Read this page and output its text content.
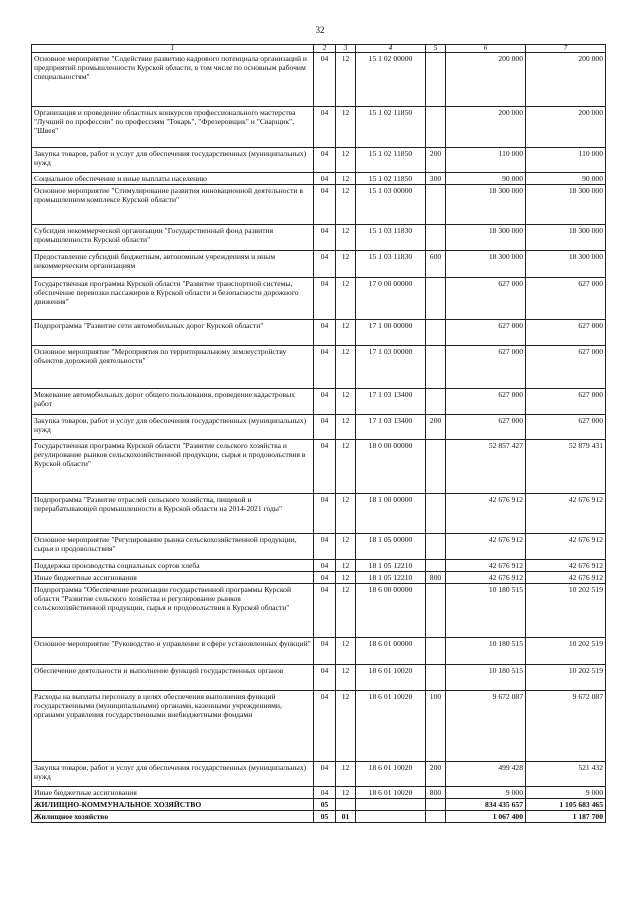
32
1	2	3	4	5	6	7
Основное мероприятие "Содействие развитию кадрового потенциала организаций и предприятий промышленности Курской области, в том числе по основным рабочим специальностям"	04	12	15 1 02 00000		200 000	200 000
Организация и проведение областных конкурсов профессионального мастерства "Лучший по профессии" по профессиям "Токарь", "Фрезеровщик" и "Сварщик", "Швея"	04	12	15 1 02 11850		200 000	200 000
Закупка товаров, работ и услуг для обеспечения государственных (муниципальных) нужд	04	12	15 1 02 11850	200	110 000	110 000
Социальное обеспечение и иные выплаты населению	04	12	15 1 02 11850	300	90 000	90 000
Основное мероприятие "Стимулирование развития инновационной деятельности в промышленном комплексе Курской области"	04	12	15 1 03 00000		18 300 000	18 300 000
Субсидия некоммерческой организации "Государственный фонд развития промышленности Курской области"	04	12	15 1 03 11830		18 300 000	18 300 000
Предоставление субсидий бюджетным, автономным учреждениям и иным некоммерческим организациям	04	12	15 1 03 11830	600	18 300 000	18 300 000
Государственная программа Курской области "Развитие транспортной системы, обеспечение перевозки пассажиров в Курской области и безопасности дорожного движения"	04	12	17 0 00 00000		627 000	627 000
Подпрограмма "Развитие сети автомобильных дорог Курской области"	04	12	17 1 00 00000		627 000	627 000
Основное мероприятие "Мероприятия по территориальному землеустройству объектов дорожной деятельности"	04	12	17 1 03 00000		627 000	627 000
Межевание автомобильных дорог общего пользования, проведение кадастровых работ	04	12	17 1 03 13400		627 000	627 000
Закупка товаров, работ и услуг для обеспечения государственных (муниципальных) нужд	04	12	17 1 03 13400	200	627 000	627 000
Государственная программа Курской области "Развитие сельского хозяйства и регулирование рынков сельскохозяйственной продукции, сырья и продовольствия в Курской области"	04	12	18 0 00 00000		52 857 427	52 879 431
Подпрограмма "Развитие отраслей сельского хозяйства, пищевой и перерабатывающей промышленности в Курской области на 2014-2021 годы"	04	12	18 1 00 00000		42 676 912	42 676 912
Основное мероприятие "Регулирование рынка сельскохозяйственной продукции, сырья и продовольствия"	04	12	18 1 05 00000		42 676 912	42 676 912
Поддержка производства социальных сортов хлеба	04	12	18 1 05 12210		42 676 912	42 676 912
Иные бюджетные ассигнования	04	12	18 1 05 12210	800	42 676 912	42 676 912
Подпрограмма "Обеспечение реализации государственной программы Курской области "Развитие сельского хозяйства и регулирование рынков сельскохозяйственной продукции, сырья и продовольствия в Курской области"	04	12	18 6 00 00000		10 180 515	10 202 519
Основное мероприятие "Руководство и управление в сфере установленных функций"	04	12	18 6 01 00000		10 180 515	10 202 519
Обеспечение деятельности и выполнение функций государственных органов	04	12	18 6 01 10020		10 180 515	10 202 519
Расходы на выплаты персоналу в целях обеспечения выполнения функций государственными (муниципальными) органами, казенными учреждениями, органами управления государственными внебюджетными фондами	04	12	18 6 01 10020	100	9 672 087	9 672 087
Закупка товаров, работ и услуг для обеспечения государственных (муниципальных) нужд	04	12	18 6 01 10020	200	499 428	521 432
Иные бюджетные ассигнования	04	12	18 6 01 10020	800	9 000	9 000
ЖИЛИЩНО-КОММУНАЛЬНОЕ ХОЗЯЙСТВО	05				834 435 657	1 105 683 465
Жилищное хозяйство	05	01			1 067 400	1 187 700
